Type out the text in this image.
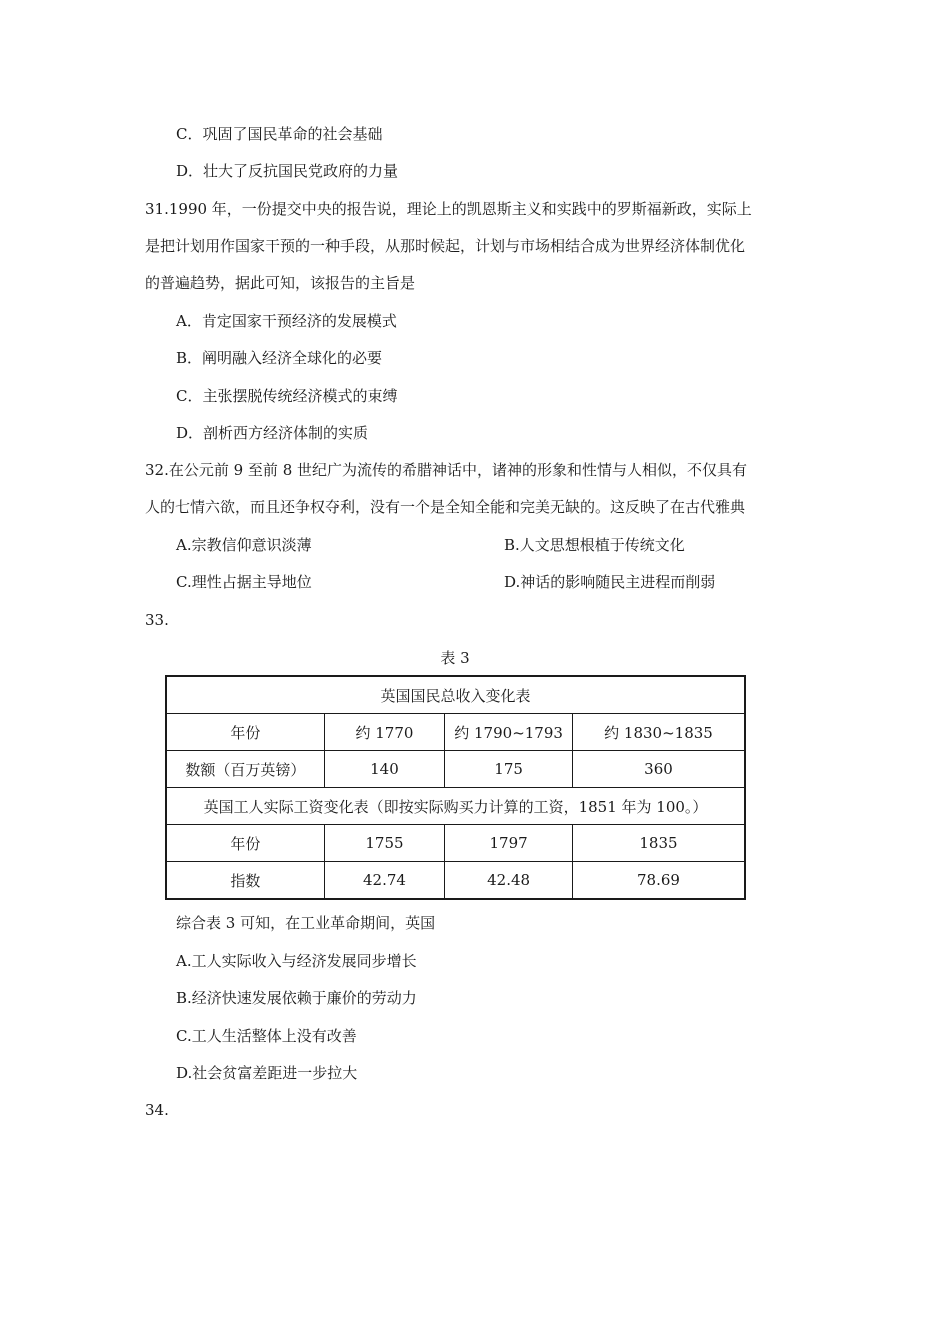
C．巩固了国民革命的社会基础
D．壮大了反抗国民党政府的力量
31.1990 年，一份提交中央的报告说，理论上的凯恩斯主义和实践中的罗斯福新政，实际上
是把计划用作国家干预的一种手段，从那时候起，计划与市场相结合成为世界经济体制优化
的普遍趋势，据此可知，该报告的主旨是
A．肯定国家干预经济的发展模式
B．阐明融入经济全球化的必要
C．主张摆脱传统经济模式的束缚
D．剖析西方经济体制的实质
32.在公元前 9 至前 8 世纪广为流传的希腊神话中，诸神的形象和性情与人相似，不仅具有
人的七情六欲，而且还争权夺利，没有一个是全知全能和完美无缺的。这反映了在古代雅典
A.宗教信仰意识淡薄	B.人文思想根植于传统文化
C.理性占据主导地位	D.神话的影响随民主进程而削弱
33.
表 3
英国国民总收入变化表			
年份	约 1770	约 1790~1793	约 1830~1835
数额（百万英镑）	140	175	360
英国工人实际工资变化表（即按实际购买力计算的工资，1851 年为 100。）			
年份	1755	1797	1835
指数	42.74	42.48	78.69
综合表 3 可知，在工业革命期间，英国
A.工人实际收入与经济发展同步增长
B.经济快速发展依赖于廉价的劳动力
C.工人生活整体上没有改善
D.社会贫富差距进一步拉大
34.
